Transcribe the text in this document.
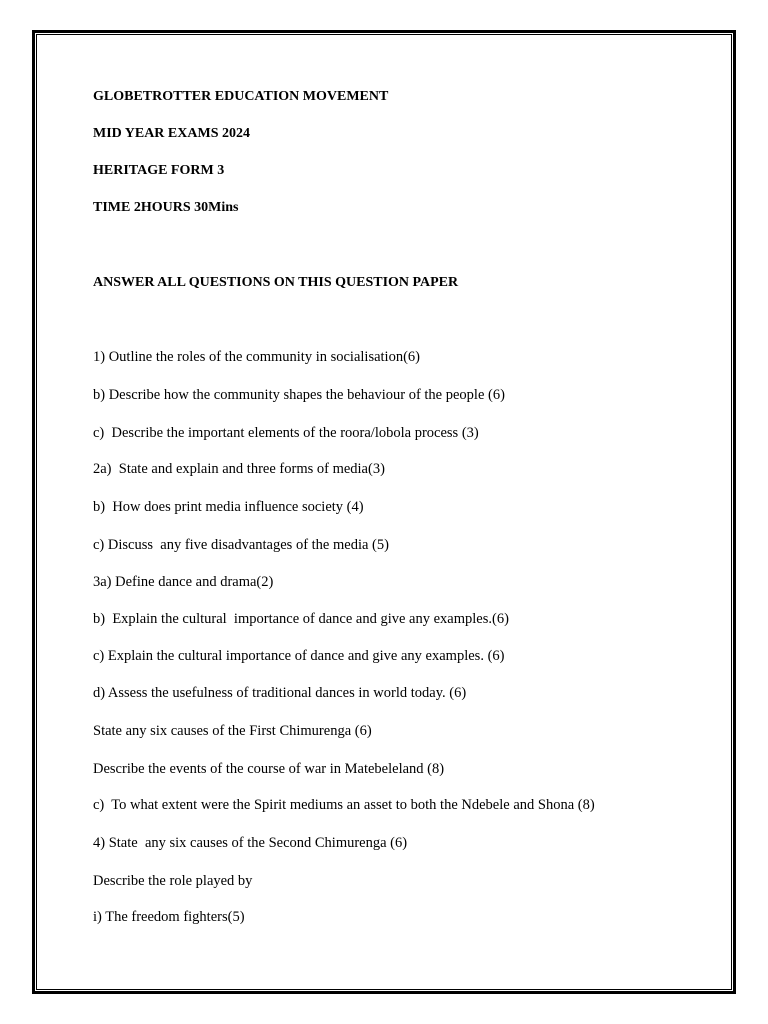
GLOBETROTTER EDUCATION MOVEMENT
MID YEAR EXAMS 2024
HERITAGE FORM 3
TIME 2HOURS 30Mins
ANSWER ALL QUESTIONS ON THIS QUESTION PAPER
1) Outline the roles of the community in socialisation(6)
b) Describe how the community shapes the behaviour of the people (6)
c)  Describe the important elements of the roora/lobola process (3)
2a)  State and explain and three forms of media(3)
b)  How does print media influence society (4)
c) Discuss  any five disadvantages of the media (5)
3a) Define dance and drama(2)
b)  Explain the cultural  importance of dance and give any examples.(6)
c) Explain the cultural importance of dance and give any examples. (6)
d) Assess the usefulness of traditional dances in world today. (6)
State any six causes of the First Chimurenga (6)
Describe the events of the course of war in Matebeleland (8)
c)  To what extent were the Spirit mediums an asset to both the Ndebele and Shona (8)
4) State  any six causes of the Second Chimurenga (6)
Describe the role played by
i) The freedom fighters(5)
